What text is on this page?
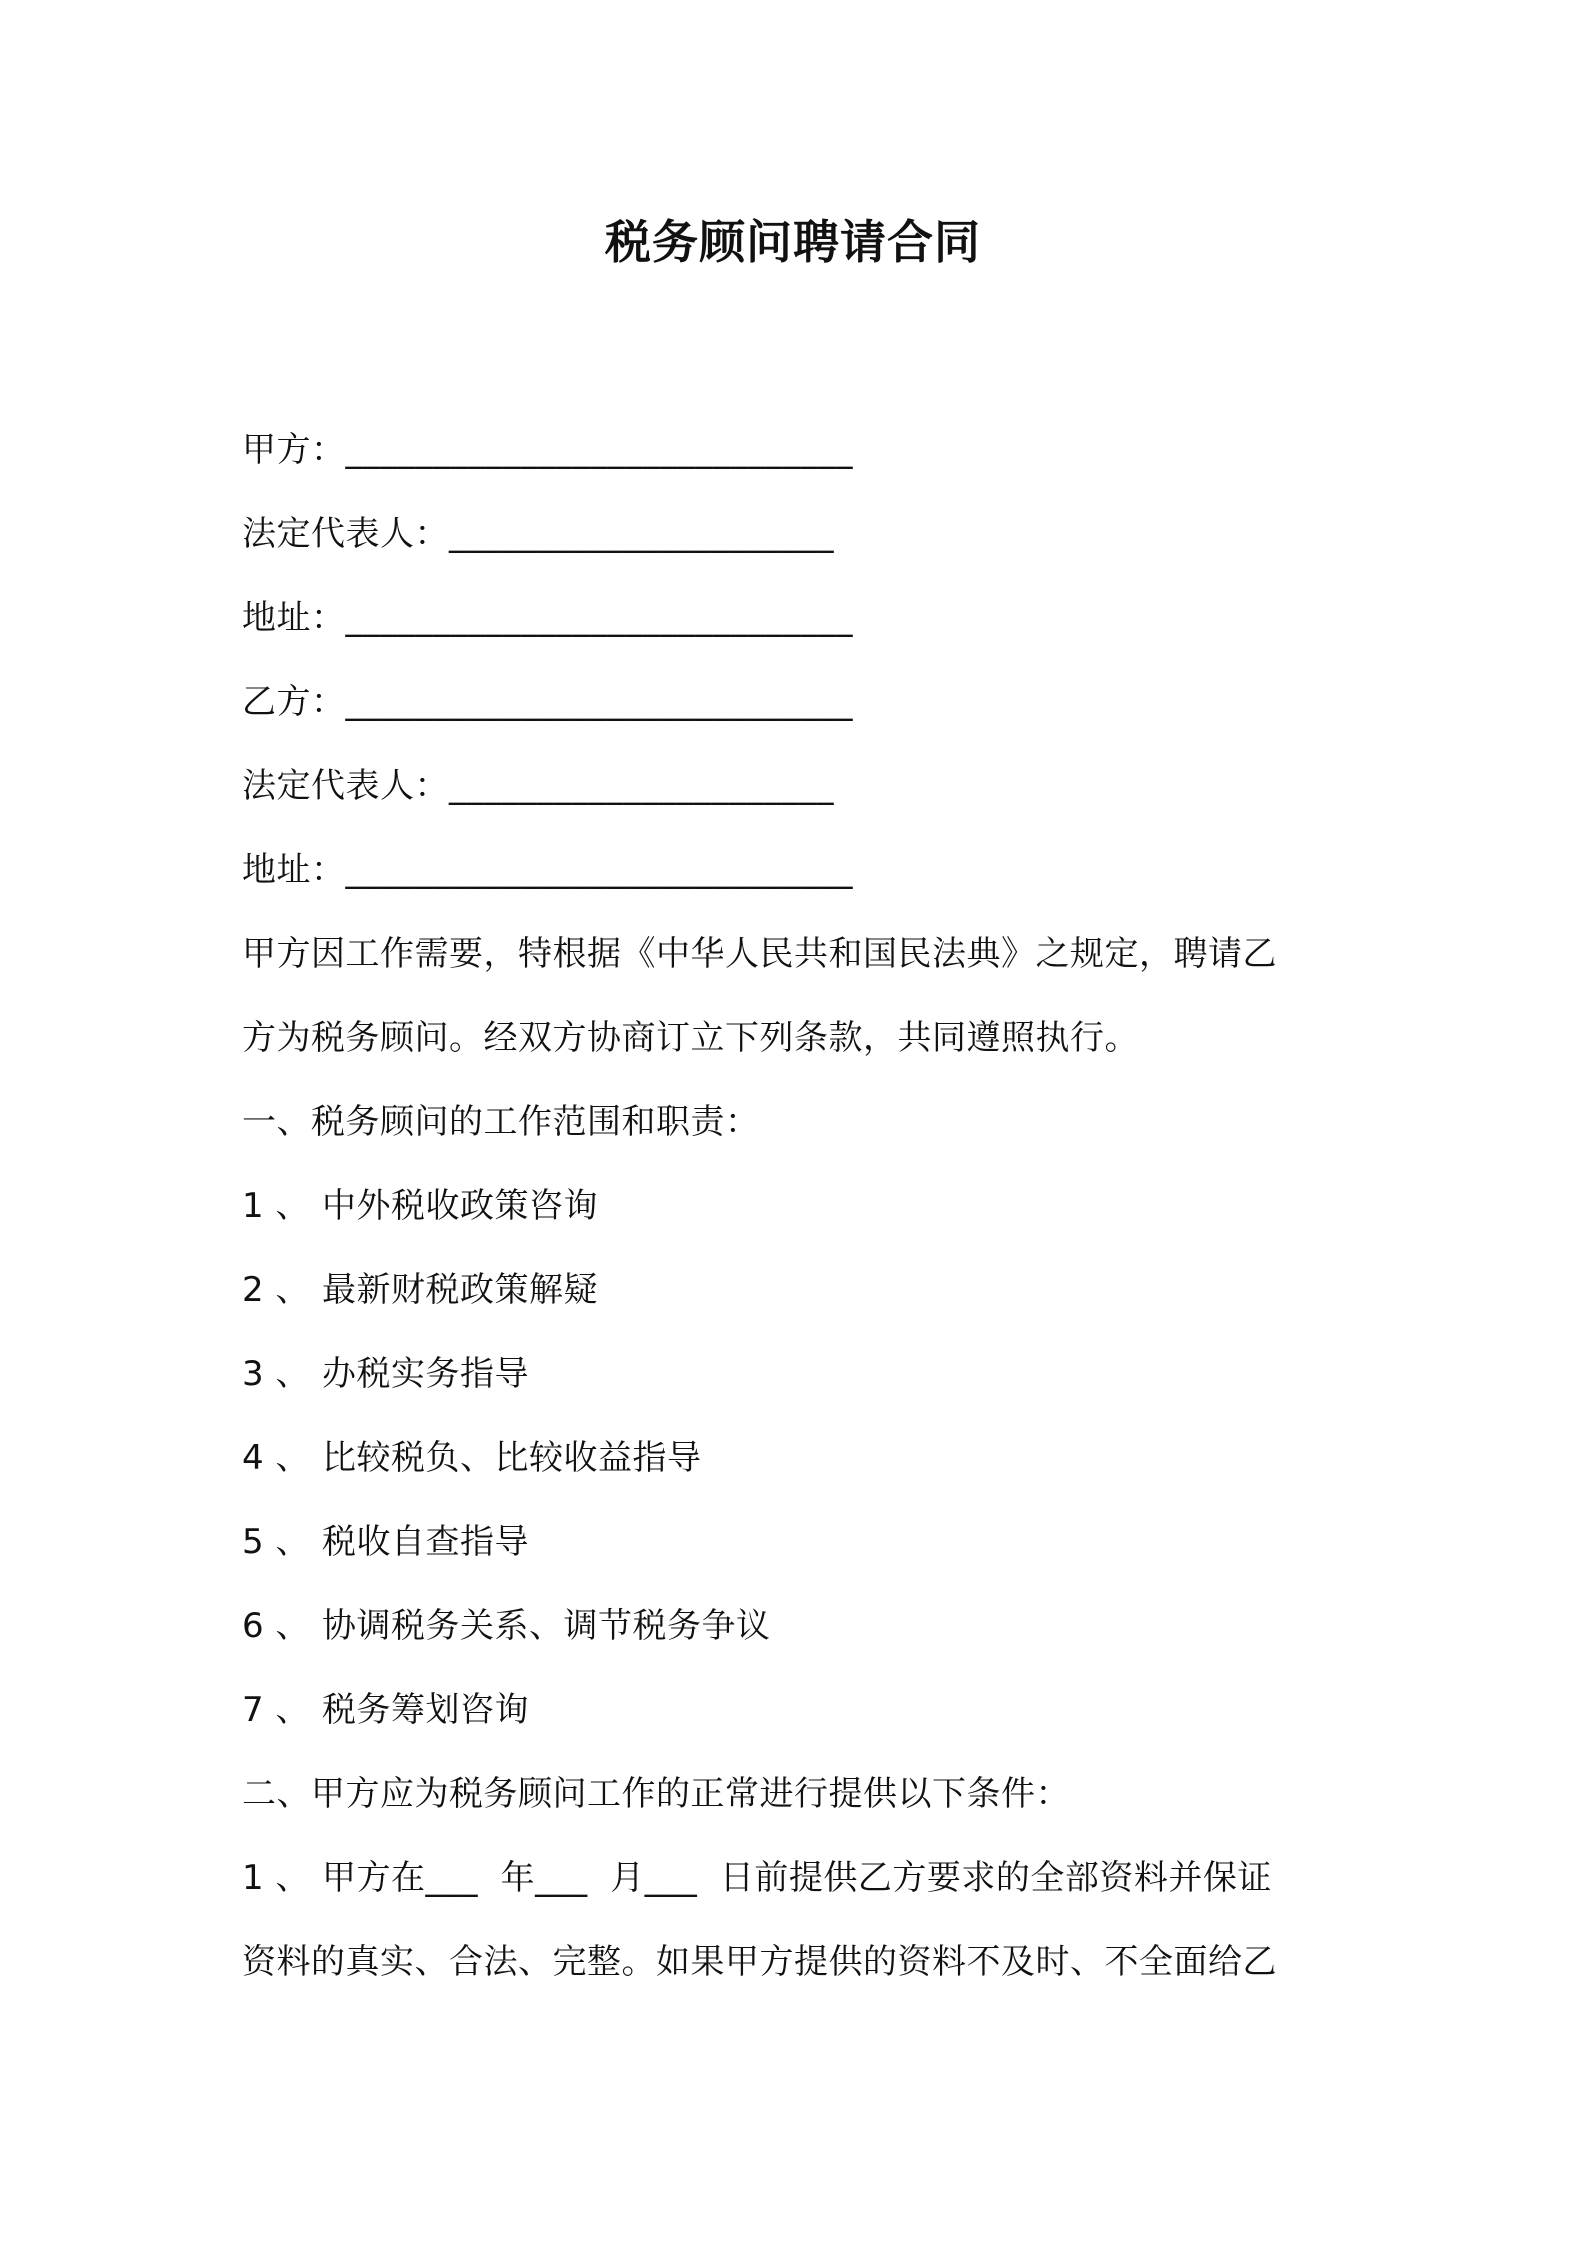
税务顾问聘请合同
甲方：_____________________________
法定代表人：______________________
地址：_____________________________
乙方：_____________________________
法定代表人：______________________
地址：_____________________________
甲方因工作需要，特根据《中华人民共和国民法典》之规定，聘请乙
方为税务顾问。经双方协商订立下列条款，共同遵照执行。
一、税务顾问的工作范围和职责：
1 、 中外税收政策咨询
2 、 最新财税政策解疑
3 、 办税实务指导
4 、 比较税负、比较收益指导
5 、 税收自查指导
6 、 协调税务关系、调节税务争议
7 、 税务筹划咨询
二、甲方应为税务顾问工作的正常进行提供以下条件：
1 、 甲方在___  年___  月___  日前提供乙方要求的全部资料并保证
资料的真实、合法、完整。如果甲方提供的资料不及时、不全面给乙
